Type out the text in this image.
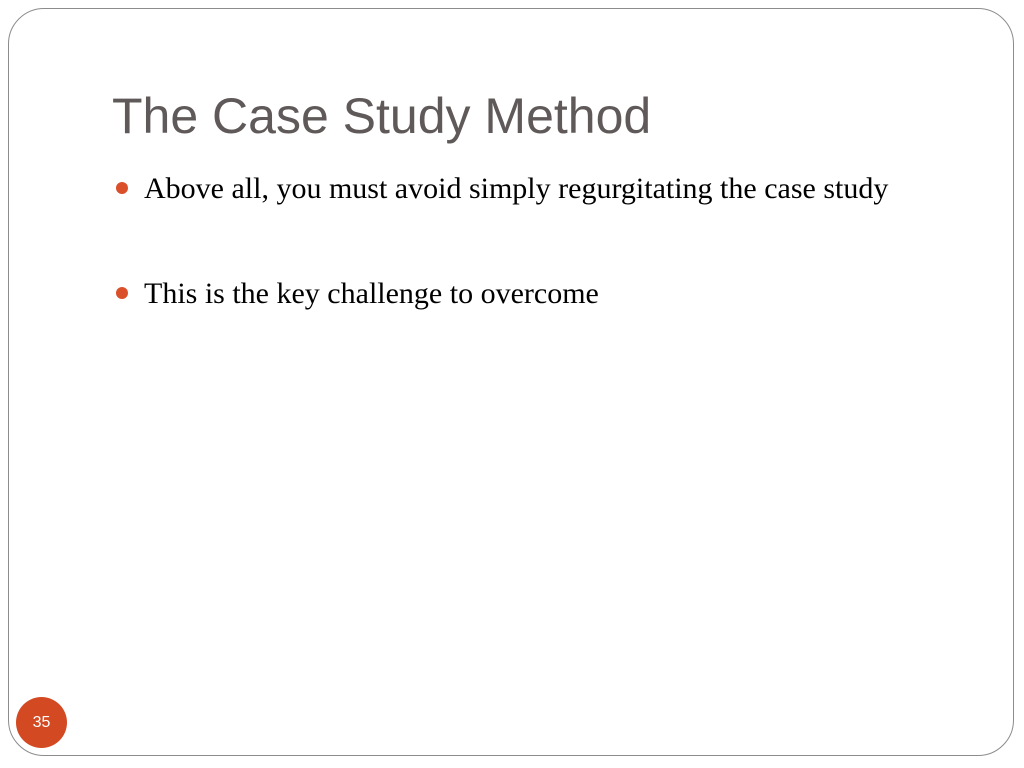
The Case Study Method
Above all, you must avoid simply regurgitating the case study
This is the key challenge to overcome
35
